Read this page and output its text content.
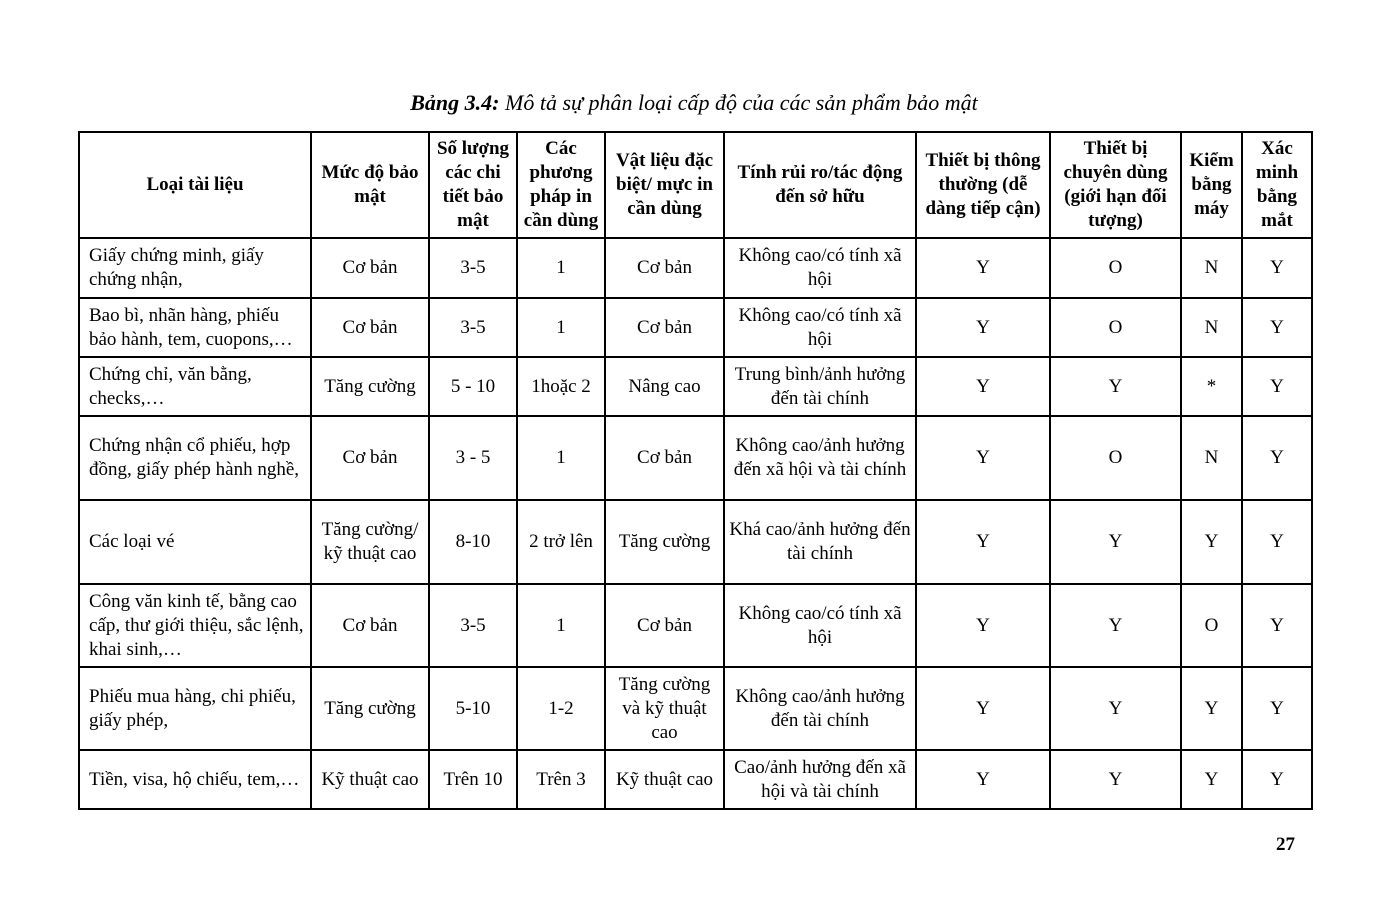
Bảng 3.4: Mô tả sự phân loại cấp độ của các sản phẩm bảo mật
Loại tài liệu	Mức độ bảo mật	Số lượng các chi tiết bảo mật	Các phương pháp in cần dùng	Vật liệu đặc biệt/ mực in cần dùng	Tính rủi ro/tác động đến sở hữu	Thiết bị thông thường (dễ dàng tiếp cận)	Thiết bị chuyên dùng (giới hạn đối tượng)	Kiểm bằng máy	Xác minh bằng mắt
Giấy chứng minh, giấy chứng nhận,	Cơ bản	3-5	1	Cơ bản	Không cao/có tính xã hội	Y	O	N	Y
Bao bì, nhãn hàng, phiếu bảo hành, tem, cuopons,…	Cơ bản	3-5	1	Cơ bản	Không cao/có tính xã hội	Y	O	N	Y
Chứng chỉ, văn bằng, checks,…	Tăng cường	5 - 10	1hoặc 2	Nâng cao	Trung bình/ảnh hưởng đến tài chính	Y	Y	*	Y
Chứng nhận cổ phiếu, hợp đồng, giấy phép hành nghề,	Cơ bản	3 - 5	1	Cơ bản	Không cao/ảnh hưởng đến xã hội và tài chính	Y	O	N	Y
Các loại vé	Tăng cường/ kỹ thuật cao	8-10	2 trở lên	Tăng cường	Khá cao/ảnh hưởng đến tài chính	Y	Y	Y	Y
Công văn kinh tế, bằng cao cấp, thư giới thiệu, sắc lệnh, khai sinh,…	Cơ bản	3-5	1	Cơ bản	Không cao/có tính xã hội	Y	Y	O	Y
Phiếu mua hàng, chi phiếu, giấy phép,	Tăng cường	5-10	1-2	Tăng cường và kỹ thuật cao	Không cao/ảnh hưởng đến tài chính	Y	Y	Y	Y
Tiền, visa, hộ chiếu, tem,…	Kỹ thuật cao	Trên 10	Trên 3	Kỹ thuật cao	Cao/ảnh hưởng đến xã hội và tài chính	Y	Y	Y	Y
27
